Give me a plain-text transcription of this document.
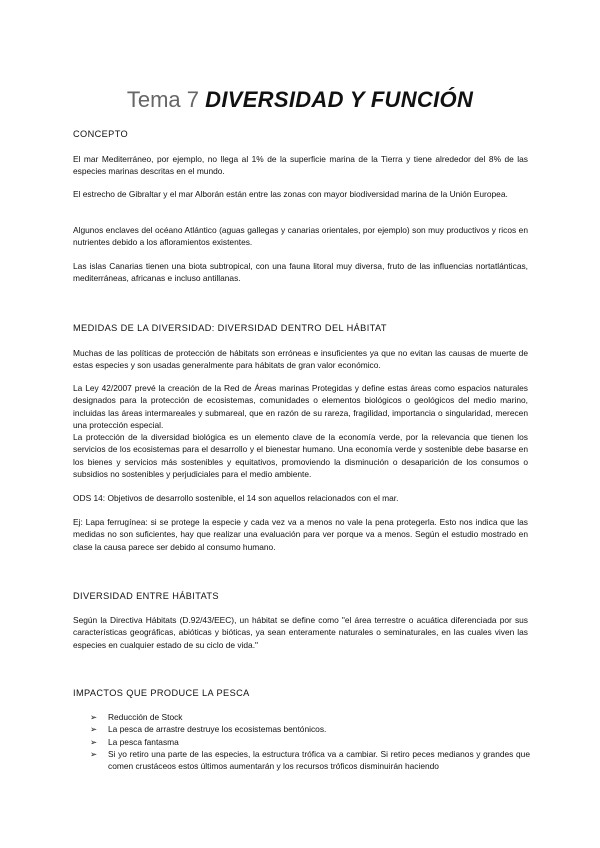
Tema 7 DIVERSIDAD Y FUNCIÓN
CONCEPTO

El mar Mediterráneo, por ejemplo, no llega al 1% de la superficie marina de la Tierra y tiene alrededor del 8% de las especies marinas descritas en el mundo.

El estrecho de Gibraltar y el mar Alborán están entre las zonas con mayor biodiversidad marina de la Unión Europea.

Algunos enclaves del océano Atlántico (aguas gallegas y canarias orientales, por ejemplo) son muy productivos y ricos en nutrientes debido a los afloramientos existentes.

Las islas Canarias tienen una biota subtropical, con una fauna litoral muy diversa, fruto de las influencias nortatlánticas, mediterráneas, africanas e incluso antillanas.

MEDIDAS DE LA DIVERSIDAD: DIVERSIDAD DENTRO DEL HÁBITAT

Muchas de las políticas de protección de hábitats son erróneas e insuficientes ya que no evitan las causas de muerte de estas especies y son usadas generalmente para hábitats de gran valor económico.

La Ley 42/2007 prevé la creación de la Red de Áreas marinas Protegidas y define estas áreas como espacios naturales designados para la protección de ecosistemas, comunidades o elementos biológicos o geológicos del medio marino, incluidas las áreas intermareales y submareal, que en razón de su rareza, fragilidad, importancia o singularidad, merecen una protección especial.

La protección de la diversidad biológica es un elemento clave de la economía verde, por la relevancia que tienen los servicios de los ecosistemas para el desarrollo y el bienestar humano. Una economía verde y sostenible debe basarse en los bienes y servicios más sostenibles y equitativos, promoviendo la disminución o desaparición de los consumos o subsidios no sostenibles y perjudiciales para el medio ambiente.

ODS 14: Objetivos de desarrollo sostenible, el 14 son aquellos relacionados con el mar.

Ej: Lapa ferrugínea: si se protege la especie y cada vez va a menos no vale la pena protegerla. Esto nos indica que las medidas no son suficientes, hay que realizar una evaluación para ver porque va a menos. Según el estudio mostrado en clase la causa parece ser debido al consumo humano.

DIVERSIDAD ENTRE HÁBITATS

Según la Directiva Hábitats (D.92/43/EEC), un hábitat se define como "el área terrestre o acuática diferenciada por sus características geográficas, abióticas y bióticas, ya sean enteramente naturales o seminaturales, en las cuales viven las especies en cualquier estado de su ciclo de vida."

IMPACTOS QUE PRODUCE LA PESCA
➢ Reducción de Stock
➢ La pesca de arrastre destruye los ecosistemas bentónicos.
➢ La pesca fantasma
➢ Si yo retiro una parte de las especies, la estructura trófica va a cambiar. Si retiro peces medianos y grandes que comen crustáceos estos últimos aumentarán y los recursos tróficos disminuirán haciendo
